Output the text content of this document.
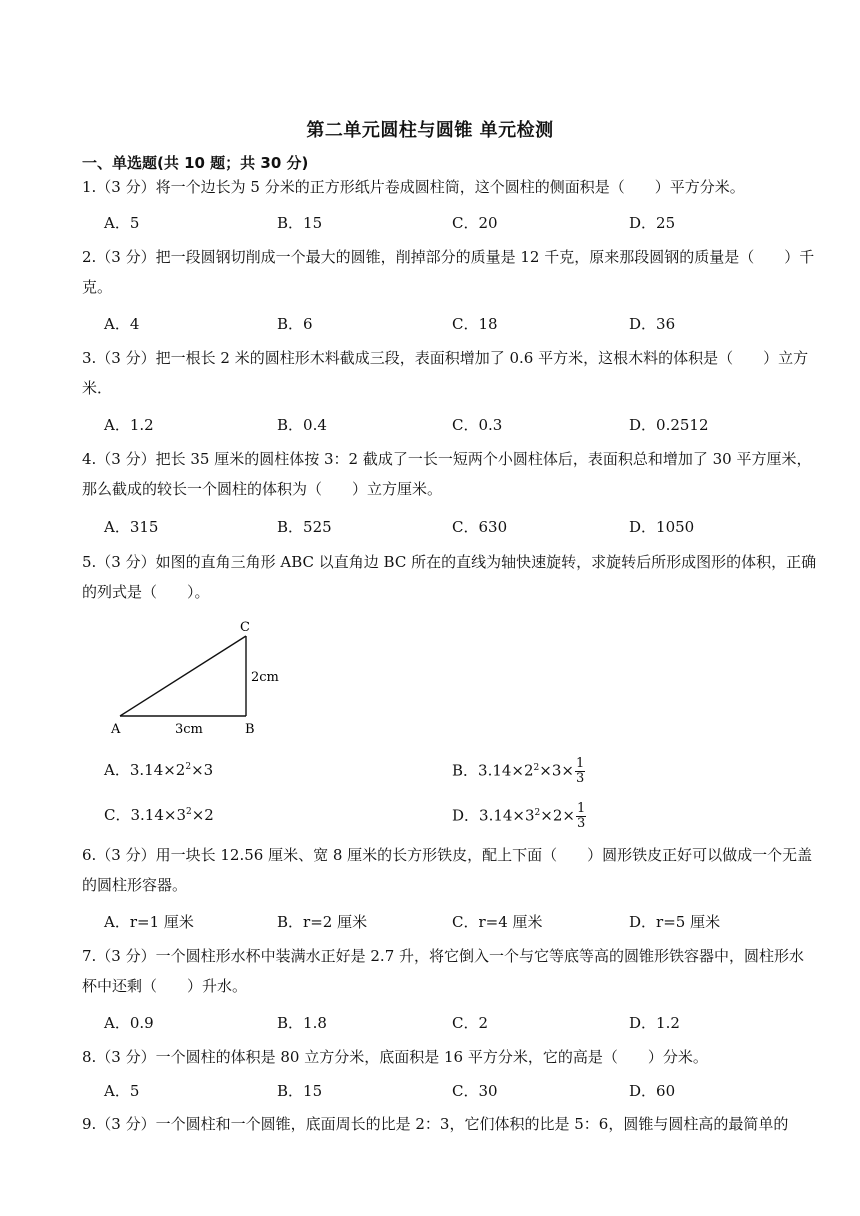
第二单元圆柱与圆锥 单元检测
一、单选题(共 10 题；共 30 分)
1.（3 分）将一个边长为 5 分米的正方形纸片卷成圆柱筒，这个圆柱的侧面积是（　　）平方分米。
A．5	B．15	C．20	D．25
2.（3 分）把一段圆钢切削成一个最大的圆锥，削掉部分的质量是 12 千克，原来那段圆钢的质量是（　　）千克。
A．4	B．6	C．18	D．36
3.（3 分）把一根长 2 米的圆柱形木料截成三段，表面积增加了 0.6 平方米，这根木料的体积是（　　）立方米．
A．1.2	B．0.4	C．0.3	D．0.2512
4.（3 分）把长 35 厘米的圆柱体按 3：2 截成了一长一短两个小圆柱体后，表面积总和增加了 30 平方厘米，那么截成的较长一个圆柱的体积为（　　）立方厘米。
A．315	B．525	C．630	D．1050
5.（3 分）如图的直角三角形 ABC 以直角边 BC 所在的直线为轴快速旋转，求旋转后所形成图形的体积，正确的列式是（　　）。
C
A	B
2cm
3cm
A．$3.14\times 2^2\times 3$	B．$3.14\times 2^2\times 3\times \frac{1}{3}$
C．$3.14\times 3^2\times 2$	D．$3.14\times 3^2\times 2\times \frac{1}{3}$
6.（3 分）用一块长 12.56 厘米、宽 8 厘米的长方形铁皮，配上下面（　　）圆形铁皮正好可以做成一个无盖的圆柱形容器。
A．r=1 厘米	B．r=2 厘米	C．r=4 厘米	D．r=5 厘米
7.（3 分）一个圆柱形水杯中装满水正好是 2.7 升，将它倒入一个与它等底等高的圆锥形铁容器中，圆柱形水杯中还剩（　　）升水。
A．0.9	B．1.8	C．2	D．1.2
8.（3 分）一个圆柱的体积是 80 立方分米，底面积是 16 平方分米，它的高是（　　）分米。
A．5	B．15	C．30	D．60
9.（3 分）一个圆柱和一个圆锥，底面周长的比是 2：3，它们体积的比是 5：6，圆锥与圆柱高的最简单的
